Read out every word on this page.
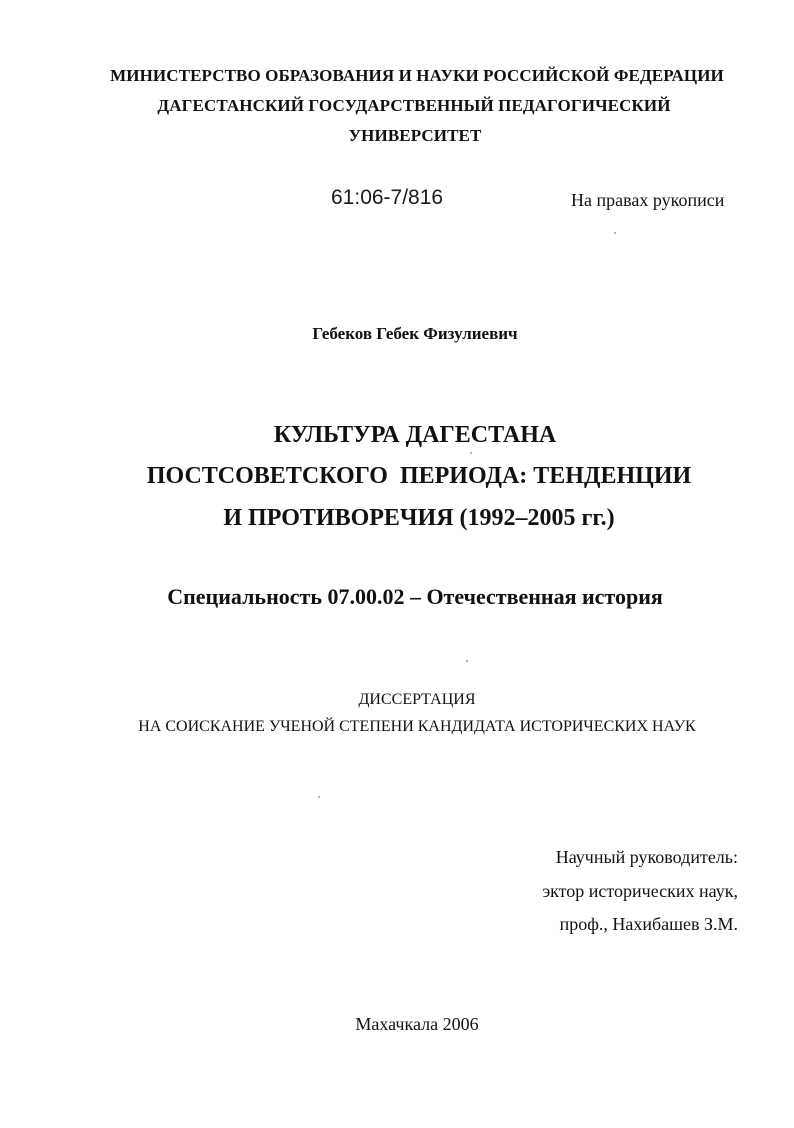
МИНИСТЕРСТВО ОБРАЗОВАНИЯ И НАУКИ РОССИЙСКОЙ ФЕДЕРАЦИИ
ДАГЕСТАНСКИЙ ГОСУДАРСТВЕННЫЙ ПЕДАГОГИЧЕСКИЙ
УНИВЕРСИТЕТ
61:06-7/816	На правах рукописи
Гебеков Гебек Физулиевич
КУЛЬТУРА ДАГЕСТАНА
ПОСТСОВЕТСКОГО  ПЕРИОДА: ТЕНДЕНЦИИ
И ПРОТИВОРЕЧИЯ (1992–2005 гг.)
Специальность 07.00.02 – Отечественная история
ДИССЕРТАЦИЯ
НА СОИСКАНИЕ УЧЕНОЙ СТЕПЕНИ КАНДИДАТА ИСТОРИЧЕСКИХ НАУК
Научный руководитель:
эктор исторических наук,
проф., Нахибашев З.М.
Махачкала 2006
